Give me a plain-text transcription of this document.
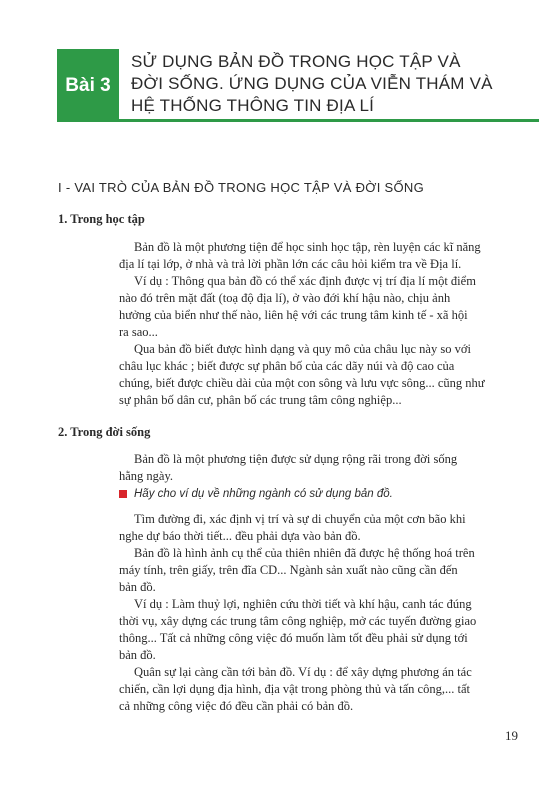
Bài 3
SỬ DỤNG BẢN ĐỒ TRONG HỌC TẬP VÀ
ĐỜI SỐNG. ỨNG DỤNG CỦA VIỄN THÁM VÀ
HỆ THỐNG THÔNG TIN ĐỊA LÍ
I - VAI TRÒ CỦA BẢN ĐỒ TRONG HỌC TẬP VÀ ĐỜI SỐNG
1. Trong học tập
Bản đồ là một phương tiện để học sinh học tập, rèn luyện các kĩ năng
địa lí tại lớp, ở nhà và trả lời phần lớn các câu hỏi kiểm tra về Địa lí.
Ví dụ : Thông qua bản đồ có thể xác định được vị trí địa lí một điểm
nào đó trên mặt đất (toạ độ địa lí), ở vào đới khí hậu nào, chịu ảnh
hưởng của biển như thế nào, liên hệ với các trung tâm kinh tế - xã hội
ra sao...
Qua bản đồ biết được hình dạng và quy mô của châu lục này so với
châu lục khác ; biết được sự phân bố của các dãy núi và độ cao của
chúng, biết được chiều dài của một con sông và lưu vực sông... cũng như
sự phân bố dân cư, phân bố các trung tâm công nghiệp...
2. Trong đời sống
Bản đồ là một phương tiện được sử dụng rộng rãi trong đời sống
hằng ngày.
Hãy cho ví dụ về những ngành có sử dụng bản đồ.
Tìm đường đi, xác định vị trí và sự di chuyển của một cơn bão khi
nghe dự báo thời tiết... đều phải dựa vào bản đồ.
Bản đồ là hình ảnh cụ thể của thiên nhiên đã được hệ thống hoá trên
máy tính, trên giấy, trên đĩa CD... Ngành sản xuất nào cũng cần đến
bản đồ.
Ví dụ : Làm thuỷ lợi, nghiên cứu thời tiết và khí hậu, canh tác đúng
thời vụ, xây dựng các trung tâm công nghiệp, mở các tuyến đường giao
thông... Tất cả những công việc đó muốn làm tốt đều phải sử dụng tới
bản đồ.
Quân sự lại càng cần tới bản đồ. Ví dụ : để xây dựng phương án tác
chiến, cần lợi dụng địa hình, địa vật trong phòng thủ và tấn công,... tất
cả những công việc đó đều cần phải có bản đồ.
19
